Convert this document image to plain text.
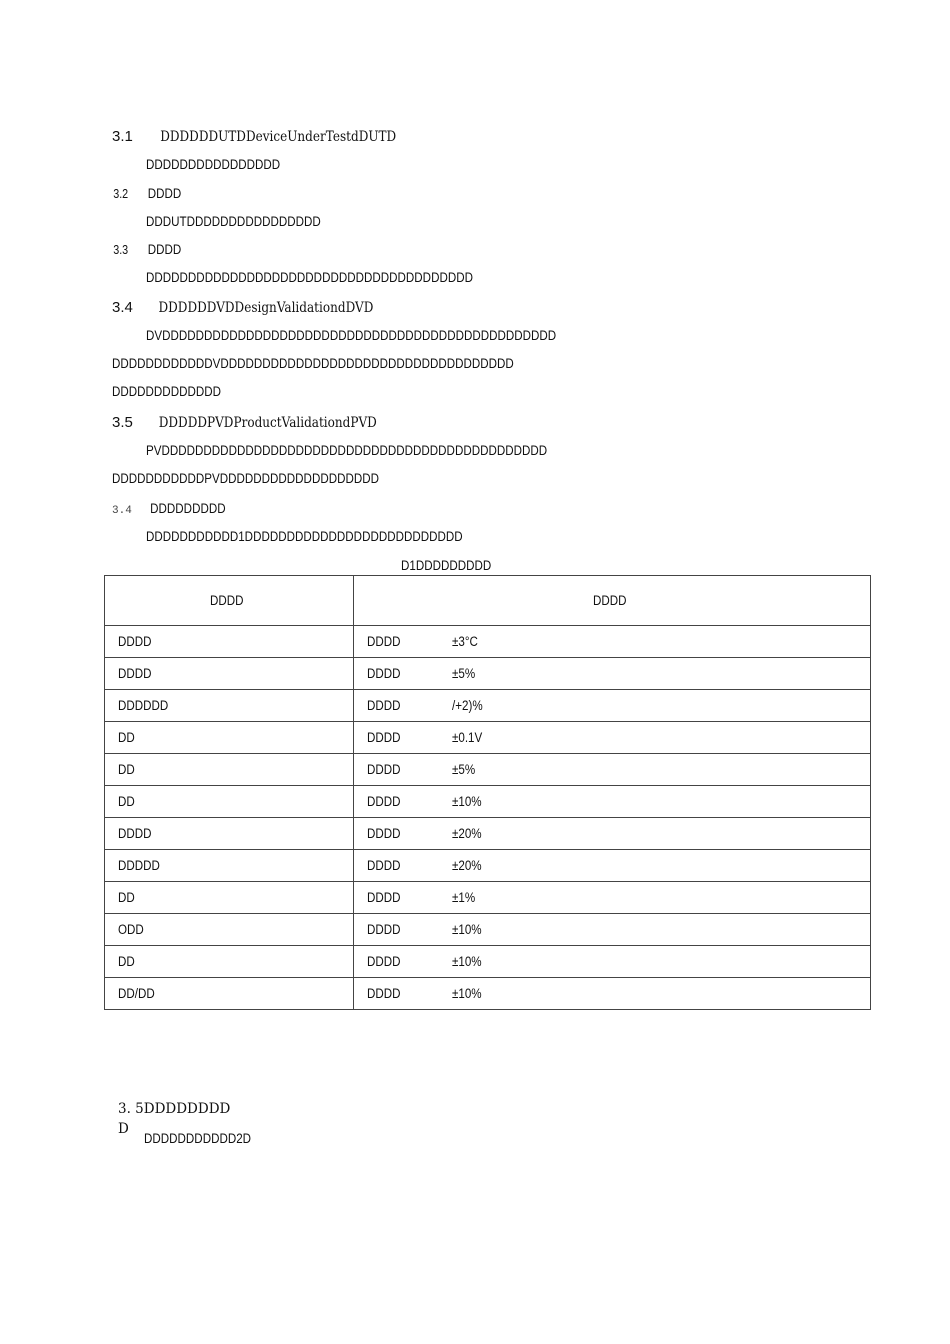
3.1 DDDDDDUTDDeviceUnderTestdDUTD
DDDDDDDDDDDDDDDD
3.2 DDDD
DDDUTDDDDDDDDDDDDDDDD
3.3 DDDD
DDDDDDDDDDDDDDDDDDDDDDDDDDDDDDDDDDDDDDD
3.4 DDDDDDVDDesignValidationdDVD
DVDDDDDDDDDDDDDDDDDDDDDDDDDDDDDDDDDDDDDDDDDDDDDDD
DDDDDDDDDDDDVDDDDDDDDDDDDDDDDDDDDDDDDDDDDDDDDDDD
DDDDDDDDDDDDD
3.5 DDDDDPVDProductValidationdPVD
PVDDDDDDDDDDDDDDDDDDDDDDDDDDDDDDDDDDDDDDDDDDDDDD
DDDDDDDDDDDPVDDDDDDDDDDDDDDDDDDD
3.4 DDDDDDDDD
DDDDDDDDDDD1DDDDDDDDDDDDDDDDDDDDDDDDDD
D1DDDDDDDDD
DDDD	DDDD
DDDD	DDDD ±3°C
DDDD	DDDD ±5%
DDDDDD	DDDD /+2)%
DD	DDDD ±0.1V
DD	DDDD ±5%
DD	DDDD ±10%
DDDD	DDDD ±20%
DDDDD	DDDD ±20%
DD	DDDD ±1%
ODD	DDDD ±10%
DD	DDDD ±10%
DD/DD	DDDD ±10%
3. 5DDDDDDDD
D
DDDDDDDDDDD2D
